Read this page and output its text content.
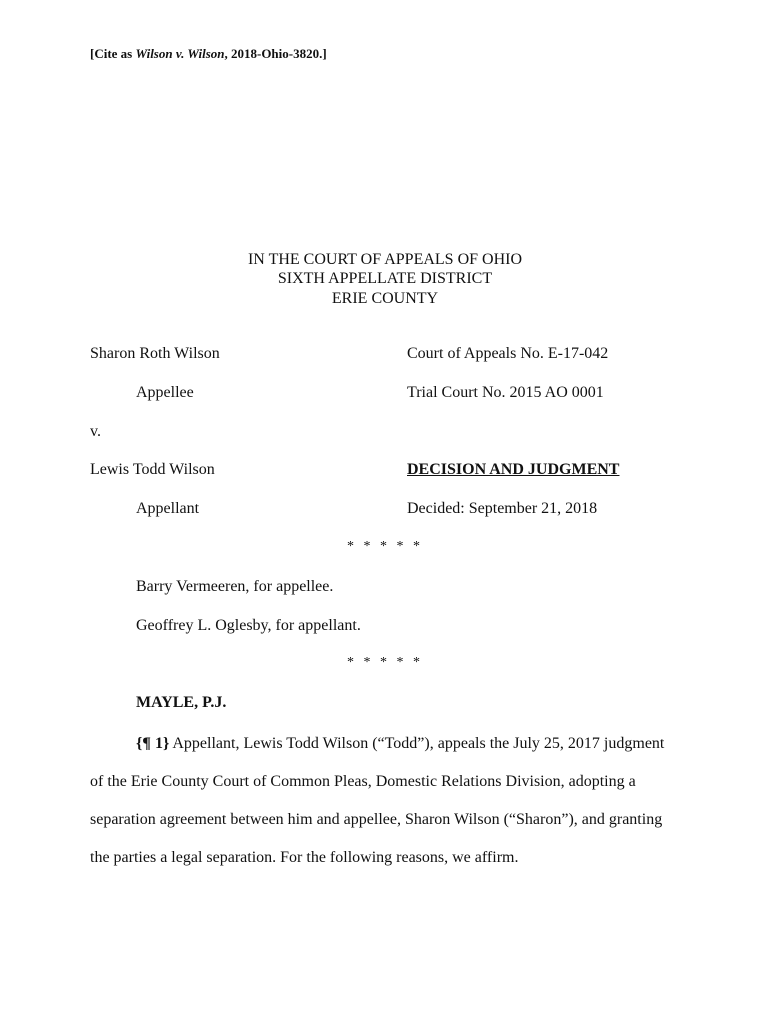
[Cite as Wilson v. Wilson, 2018-Ohio-3820.]
IN THE COURT OF APPEALS OF OHIO
SIXTH APPELLATE DISTRICT
ERIE COUNTY
Sharon Roth Wilson	Court of Appeals No. E-17-042
Appellee	Trial Court No. 2015 AO 0001
v.
Lewis Todd Wilson	DECISION AND JUDGMENT
Appellant	Decided: September 21, 2018
* * * * *
Barry Vermeeren, for appellee.
Geoffrey L. Oglesby, for appellant.
* * * * *
MAYLE, P.J.
{¶ 1} Appellant, Lewis Todd Wilson (“Todd”), appeals the July 25, 2017 judgment of the Erie County Court of Common Pleas, Domestic Relations Division, adopting a separation agreement between him and appellee, Sharon Wilson (“Sharon”), and granting the parties a legal separation. For the following reasons, we affirm.
